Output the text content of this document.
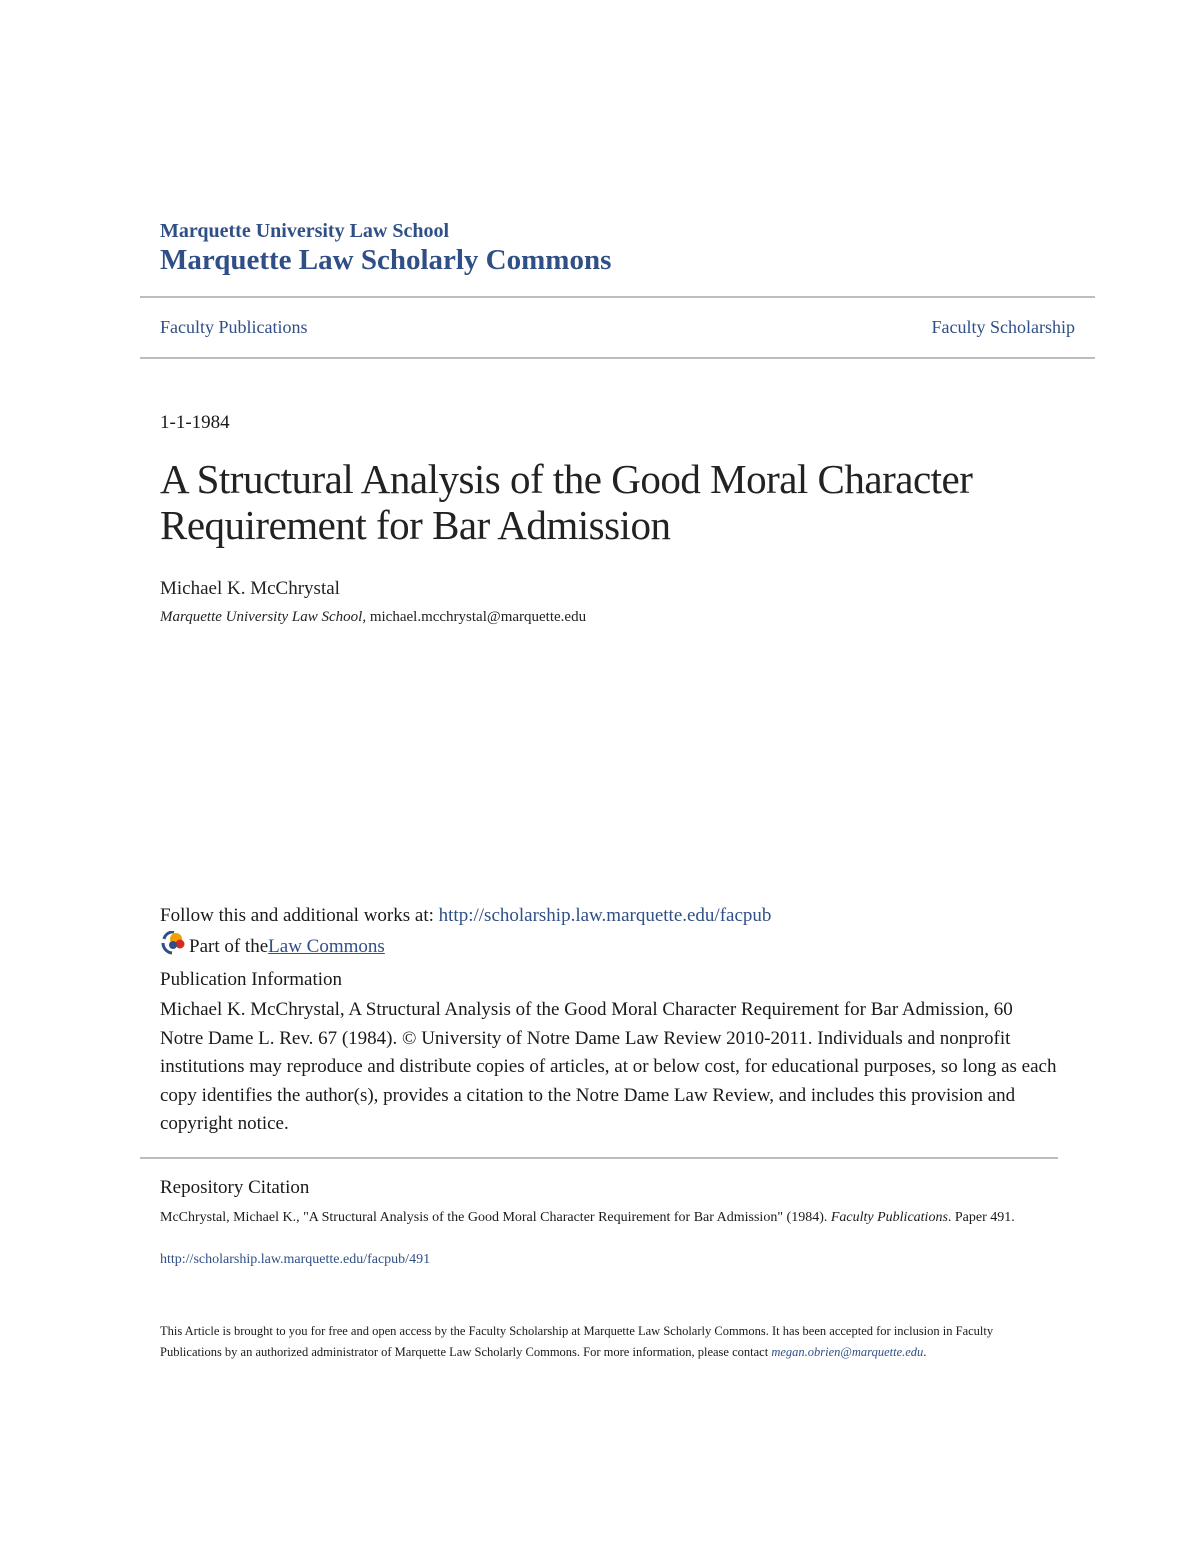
Marquette University Law School
Marquette Law Scholarly Commons
Faculty Publications	Faculty Scholarship
1-1-1984
A Structural Analysis of the Good Moral Character Requirement for Bar Admission
Michael K. McChrystal
Marquette University Law School, michael.mcchrystal@marquette.edu
Follow this and additional works at: http://scholarship.law.marquette.edu/facpub
Part of the Law Commons
Publication Information
Michael K. McChrystal, A Structural Analysis of the Good Moral Character Requirement for Bar Admission, 60 Notre Dame L. Rev. 67 (1984). © University of Notre Dame Law Review 2010-2011. Individuals and nonprofit institutions may reproduce and distribute copies of articles, at or below cost, for educational purposes, so long as each copy identifies the author(s), provides a citation to the Notre Dame Law Review, and includes this provision and copyright notice.
Repository Citation
McChrystal, Michael K., "A Structural Analysis of the Good Moral Character Requirement for Bar Admission" (1984). Faculty Publications. Paper 491.
http://scholarship.law.marquette.edu/facpub/491
This Article is brought to you for free and open access by the Faculty Scholarship at Marquette Law Scholarly Commons. It has been accepted for inclusion in Faculty Publications by an authorized administrator of Marquette Law Scholarly Commons. For more information, please contact megan.obrien@marquette.edu.
